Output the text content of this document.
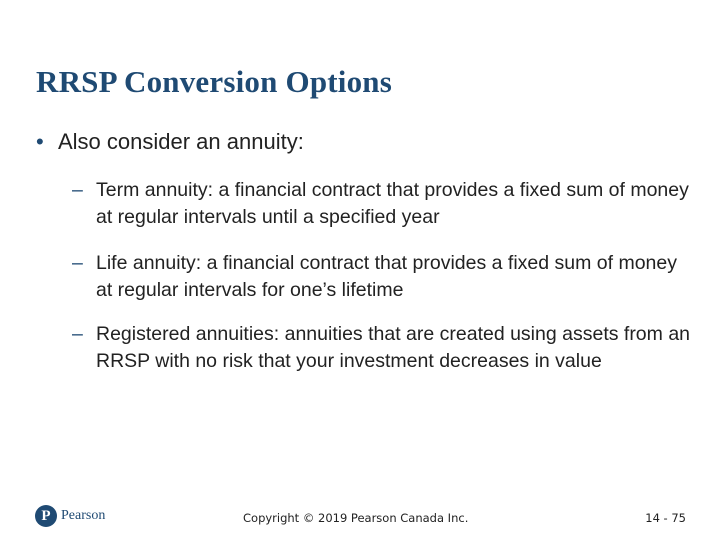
RRSP Conversion Options
• Also consider an annuity:
– Term annuity: a financial contract that provides a fixed sum of money at regular intervals until a specified year
– Life annuity: a financial contract that provides a fixed sum of money at regular intervals for one’s lifetime
– Registered annuities: annuities that are created using assets from an RRSP with no risk that your investment decreases in value
P Pearson	Copyright © 2019 Pearson Canada Inc.	14 - 75
